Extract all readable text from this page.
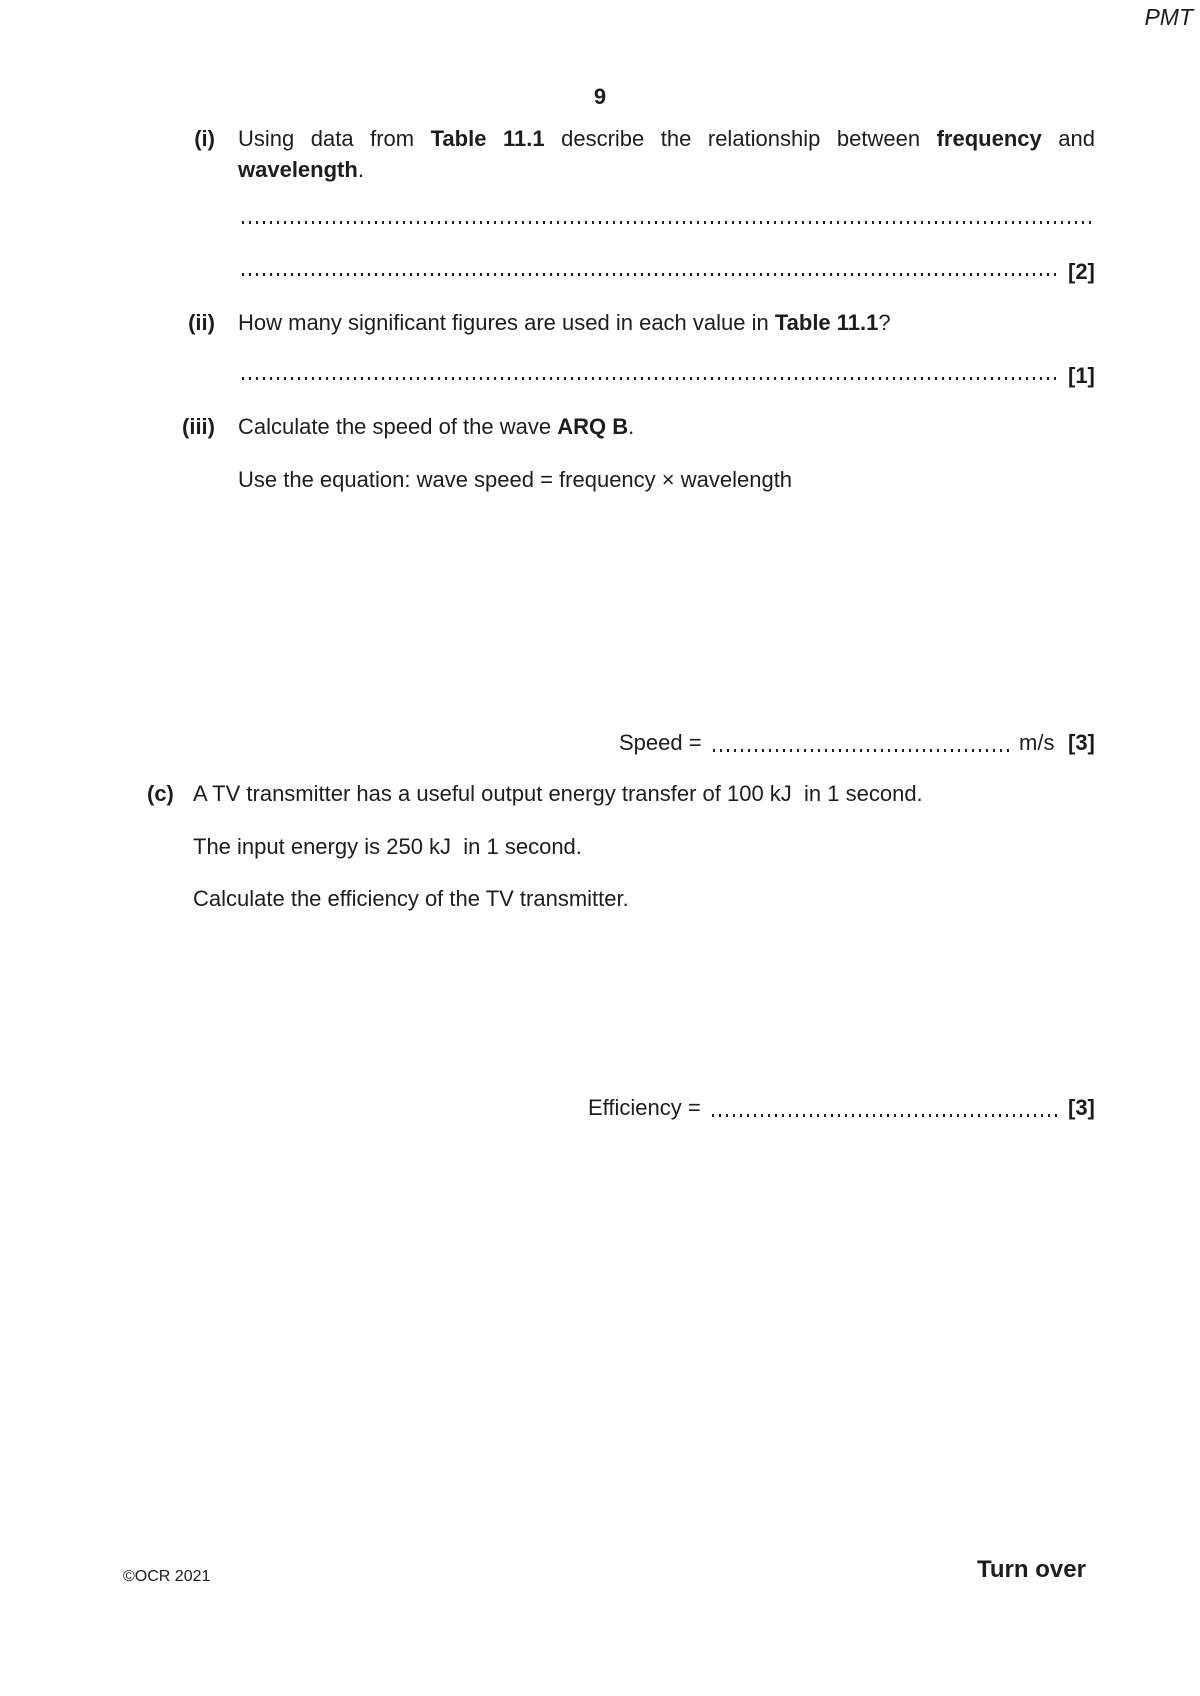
PMT
9
(i) Using data from Table 11.1 describe the relationship between frequency and
wavelength.
[2]
(ii) How many significant figures are used in each value in Table 11.1?
[1]
(iii) Calculate the speed of the wave ARQ B.
Use the equation: wave speed = frequency × wavelength
Speed =	m/s [3]
(c) A TV transmitter has a useful output energy transfer of 100 kJ  in 1 second.
The input energy is 250 kJ  in 1 second.
Calculate the efficiency of the TV transmitter.
Efficiency =	[3]
©OCR 2021	Turn over
